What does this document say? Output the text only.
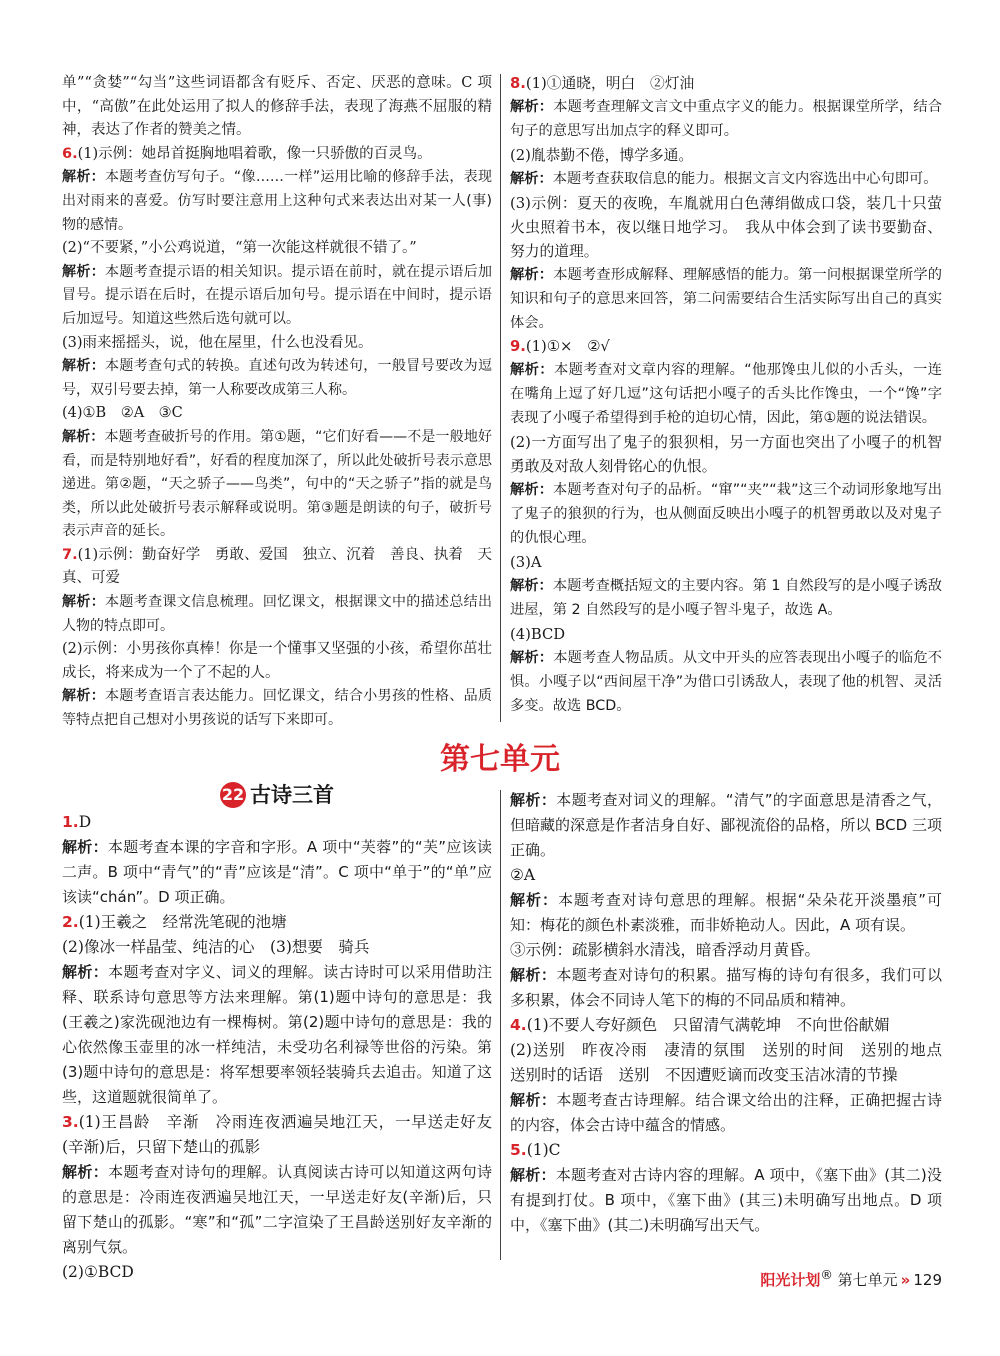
单”“贪婪”“勾当”这些词语都含有贬斥、否定、厌恶的意味。C 项中，“高傲”在此处运用了拟人的修辞手法，表现了海燕不屈服的精神，表达了作者的赞美之情。

6.(1)示例：她昂首挺胸地唱着歌，像一只骄傲的百灵鸟。

解析：本题考查仿写句子。“像……一样”运用比喻的修辞手法，表现出对雨来的喜爱。仿写时要注意用上这种句式来表达出对某一人(事)物的感情。

(2)“不要紧，”小公鸡说道，“第一次能这样就很不错了。”

解析：本题考查提示语的相关知识。提示语在前时，就在提示语后加冒号。提示语在后时，在提示语后加句号。提示语在中间时，提示语后加逗号。知道这些然后选句就可以。

(3)雨来摇摇头，说，他在屋里，什么也没看见。

解析：本题考查句式的转换。直述句改为转述句，一般冒号要改为逗号，双引号要去掉，第一人称要改成第三人称。

(4)①B　②A　③C

解析：本题考查破折号的作用。第①题，“它们好看——不是一般地好看，而是特别地好看”，好看的程度加深了，所以此处破折号表示意思递进。第②题，“天之骄子——鸟类”，句中的“天之骄子”指的就是鸟类，所以此处破折号表示解释或说明。第③题是朗读的句子，破折号表示声音的延长。

7.(1)示例：勤奋好学　勇敢、爱国　独立、沉着　善良、执着　天真、可爱

解析：本题考查课文信息梳理。回忆课文，根据课文中的描述总结出人物的特点即可。

(2)示例：小男孩你真棒！你是一个懂事又坚强的小孩，希望你茁壮成长，将来成为一个了不起的人。

解析：本题考查语言表达能力。回忆课文，结合小男孩的性格、品质等特点把自己想对小男孩说的话写下来即可。

8.(1)①通晓，明白　②灯油

解析：本题考查理解文言文中重点字义的能力。根据课堂所学，结合句子的意思写出加点字的释义即可。

(2)胤恭勤不倦，博学多通。

解析：本题考查获取信息的能力。根据文言文内容选出中心句即可。

(3)示例：夏天的夜晚，车胤就用白色薄绢做成口袋，装几十只萤火虫照着书本，夜以继日地学习。　我从中体会到了读书要勤奋、努力的道理。

解析：本题考查形成解释、理解感悟的能力。第一问根据课堂所学的知识和句子的意思来回答，第二问需要结合生活实际写出自己的真实体会。

9.(1)①×　②√

解析：本题考查对文章内容的理解。“他那馋虫儿似的小舌头，一连在嘴角上逗了好几逗”这句话把小嘎子的舌头比作馋虫，一个“馋”字表现了小嘎子希望得到手枪的迫切心情，因此，第①题的说法错误。

(2)一方面写出了鬼子的狠狈相，另一方面也突出了小嘎子的机智勇敢及对敌人刻骨铭心的仇恨。

解析：本题考查对句子的品析。“窜”“夹”“栽”这三个动词形象地写出了鬼子的狼狈的行为，也从侧面反映出小嘎子的机智勇敢以及对鬼子的仇恨心理。

(3)A

解析：本题考查概括短文的主要内容。第 1 自然段写的是小嘎子诱敌进屋，第 2 自然段写的是小嘎子智斗鬼子，故选 A。

(4)BCD

解析：本题考查人物品质。从文中开头的应答表现出小嘎子的临危不惧。小嘎子以“西间屋干净”为借口引诱敌人，表现了他的机智、灵活多变。故选 BCD。

第七单元
22 古诗三首

1.D

解析：本题考查本课的字音和字形。A 项中“芙蓉”的“芙”应该读二声。B 项中“青气”的“青”应该是“清”。C 项中“单于”的“单”应该读“chán”。D 项正确。

2.(1)王羲之　经常洗笔砚的池塘

(2)像冰一样晶莹、纯洁的心　(3)想要　骑兵

解析：本题考查对字义、词义的理解。读古诗时可以采用借助注释、联系诗句意思等方法来理解。第(1)题中诗句的意思是：我(王羲之)家洗砚池边有一棵梅树。第(2)题中诗句的意思是：我的心依然像玉壶里的冰一样纯洁，未受功名利禄等世俗的污染。第(3)题中诗句的意思是：将军想要率领轻装骑兵去追击。知道了这些，这道题就很简单了。

3.(1)王昌龄　辛渐　冷雨连夜洒遍吴地江天，一早送走好友(辛渐)后，只留下楚山的孤影

解析：本题考查对诗句的理解。认真阅读古诗可以知道这两句诗的意思是：冷雨连夜洒遍吴地江天，一早送走好友(辛渐)后，只留下楚山的孤影。“寒”和“孤”二字渲染了王昌龄送别好友辛渐的离别气氛。

(2)①BCD

解析：本题考查对词义的理解。“清气”的字面意思是清香之气，但暗藏的深意是作者洁身自好、鄙视流俗的品格，所以 BCD 三项正确。

②A

解析：本题考查对诗句意思的理解。根据“朵朵花开淡墨痕”可知：梅花的颜色朴素淡雅，而非娇艳动人。因此，A 项有误。

③示例：疏影横斜水清浅，暗香浮动月黄昏。

解析：本题考查对诗句的积累。描写梅的诗句有很多，我们可以多积累，体会不同诗人笔下的梅的不同品质和精神。

4.(1)不要人夸好颜色　只留清气满乾坤　不向世俗献媚

(2)送别　昨夜冷雨　凄清的氛围　送别的时间　送别的地点　送别时的话语　送别　不因遭贬谪而改变玉洁冰清的节操

解析：本题考查古诗理解。结合课文给出的注释，正确把握古诗的内容，体会古诗中蕴含的情感。

5.(1)C

解析：本题考查对古诗内容的理解。A 项中，《塞下曲》(其二)没有提到打仗。B 项中，《塞下曲》(其三)未明确写出地点。D 项中，《塞下曲》(其二)未明确写出天气。

阳光计划® 第七单元 » 129
